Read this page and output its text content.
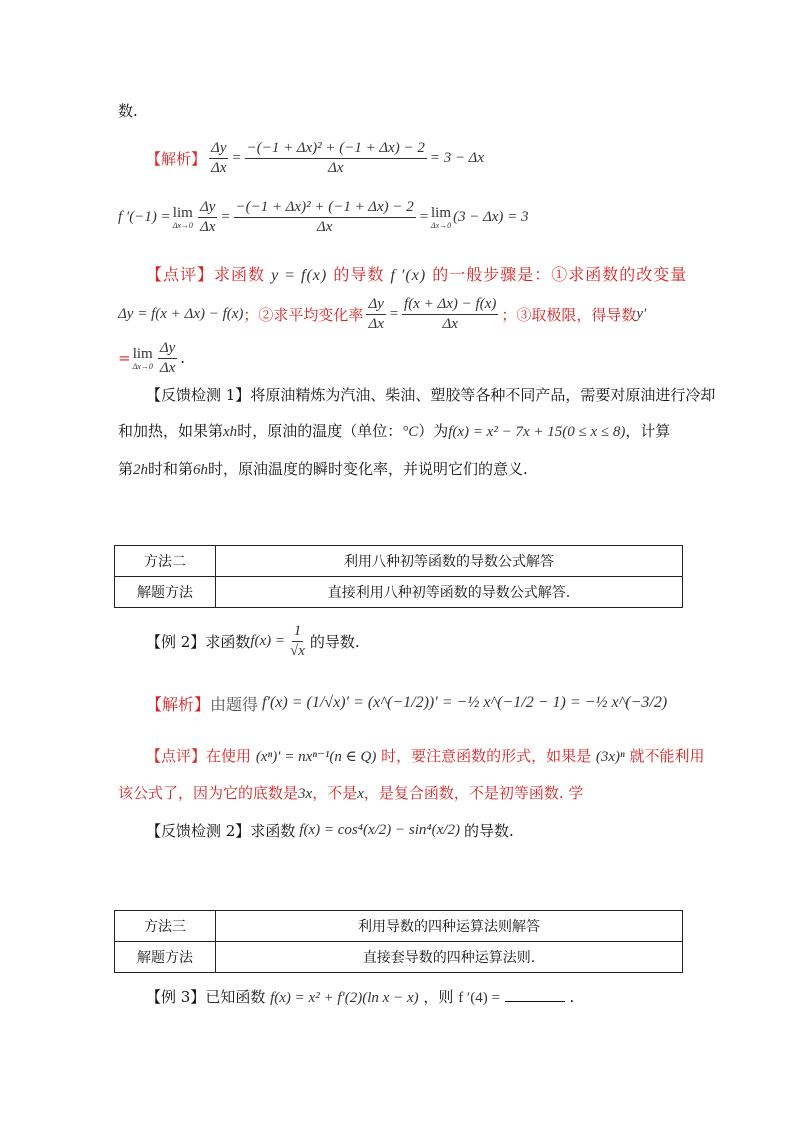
数.
【解析】 $\frac{\Delta y}{\Delta x} = \frac{\text{−(−1 + Δx)² + (−1 + Δx) − 2}}{\Delta x} = 3 - \Delta x$
f ′(−1) = lim
$\Delta x\to 0 \frac{\Delta y}{\Delta x} = \frac{\text{−(−1 + Δx)² + (−1 + Δx) − 2}}{\Delta x} = \lim$
Δx→0
(3 − Δx) = 3
【点评】求函数 y = f(x) 的导数 f ′(x) 的一般步骤是：①求函数的改变量
Δy = f(x + Δx) − f(x) ；②求平均变化率 $\frac{\Delta y}{\Delta x} = \frac{f(x + \Delta x) - f(x)}{\Delta x}$ ；③取极限，得导数 y′
= lim
$\Delta x\to 0 \frac{\Delta y}{\Delta x}$ .
【反馈检测 1】将原油精炼为汽油、柴油、塑胶等各种不同产品，需要对原油进行冷却
和加热，如果第xh时，原油的温度（单位：°C）为f(x) = x² − 7x + 15(0 ≤ x ≤ 8)，计算
第2h时和第6h时，原油温度的瞬时变化率，并说明它们的意义.
方法二	利用八种初等函数的导数公式解答
解题方法	直接利用八种初等函数的导数公式解答.
【例 2】 求函数 $f(x) = \frac{1}{√x}$ 的导数.
【解析】 由题得 f′(x) = (1/√x)′ = (x^(−1/2))′ = −½ x^(−1/2 − 1) = −½ x^(−3/2)
【点评】在使用 (xⁿ)′ = nxⁿ⁻¹(n ∈ Q) 时，要注意函数的形式，如果是 (3x)ⁿ 就不能利用
该公式了，因为它的底数是3x，不是x，是复合函数，不是初等函数. 学
【反馈检测 2】 求函数 f(x) = cos⁴(x/2) − sin⁴(x/2) 的导数.
方法三	利用导数的四种运算法则解答
解题方法	直接套导数的四种运算法则.
【例 3】已知函数 f(x) = x² + f′(2)(ln x − x) ，则 f ′(4) =	.
